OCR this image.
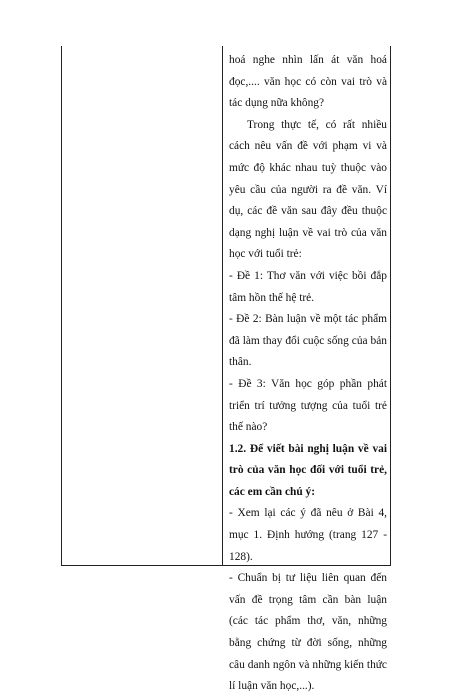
hoá nghe nhìn lấn át văn hoá đọc,.... văn học có còn vai trò và tác dụng nữa không?

Trong thực tế, có rất nhiều cách nêu vấn đề với phạm vi và mức độ khác nhau tuỳ thuộc vào yêu cầu của người ra đề văn. Ví dụ, các đề văn sau đây đều thuộc dạng nghị luận về vai trò của văn học với tuổi trẻ:

- Đề 1: Thơ văn với việc bồi đắp tâm hồn thế hệ trẻ.

- Đề 2: Bàn luận về một tác phẩm đã làm thay đổi cuộc sống của bản thân.

- Đề 3: Văn học góp phần phát triển trí tưởng tượng của tuổi trẻ thế nào?

1.2. Để viết bài nghị luận về vai trò của văn học đối với tuổi trẻ, các em cần chú ý:

- Xem lại các ý đã nêu ở Bài 4, mục 1. Định hướng (trang 127 - 128).

- Chuẩn bị tư liệu liên quan đến vấn đề trọng tâm cần bàn luận (các tác phẩm thơ, văn, những bằng chứng từ đời sống, những câu danh ngôn và những kiến thức lí luận văn học,...).
